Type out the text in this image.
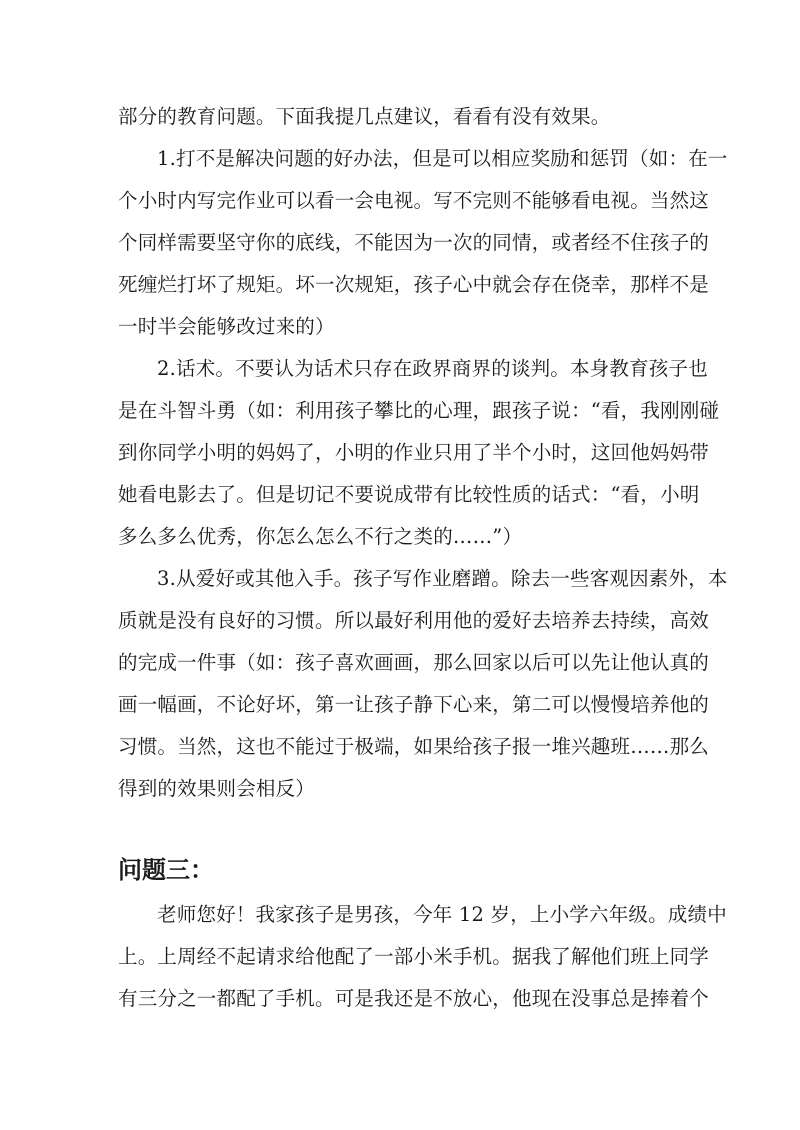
部分的教育问题。下面我提几点建议，看看有没有效果。
1.打不是解决问题的好办法，但是可以相应奖励和惩罚（如：在一
个小时内写完作业可以看一会电视。写不完则不能够看电视。当然这
个同样需要坚守你的底线，不能因为一次的同情，或者经不住孩子的
死缠烂打坏了规矩。坏一次规矩，孩子心中就会存在侥幸，那样不是
一时半会能够改过来的）
2.话术。不要认为话术只存在政界商界的谈判。本身教育孩子也
是在斗智斗勇（如：利用孩子攀比的心理，跟孩子说：“看，我刚刚碰
到你同学小明的妈妈了，小明的作业只用了半个小时，这回他妈妈带
她看电影去了。但是切记不要说成带有比较性质的话式：“看，小明
多么多么优秀，你怎么怎么不行之类的……”）
3.从爱好或其他入手。孩子写作业磨蹭。除去一些客观因素外，本
质就是没有良好的习惯。所以最好利用他的爱好去培养去持续，高效
的完成一件事（如：孩子喜欢画画，那么回家以后可以先让他认真的
画一幅画，不论好坏，第一让孩子静下心来，第二可以慢慢培养他的
习惯。当然，这也不能过于极端，如果给孩子报一堆兴趣班……那么
得到的效果则会相反）
问题三：
老师您好！我家孩子是男孩，今年 12 岁，上小学六年级。成绩中
上。上周经不起请求给他配了一部小米手机。据我了解他们班上同学
有三分之一都配了手机。可是我还是不放心，他现在没事总是捧着个
